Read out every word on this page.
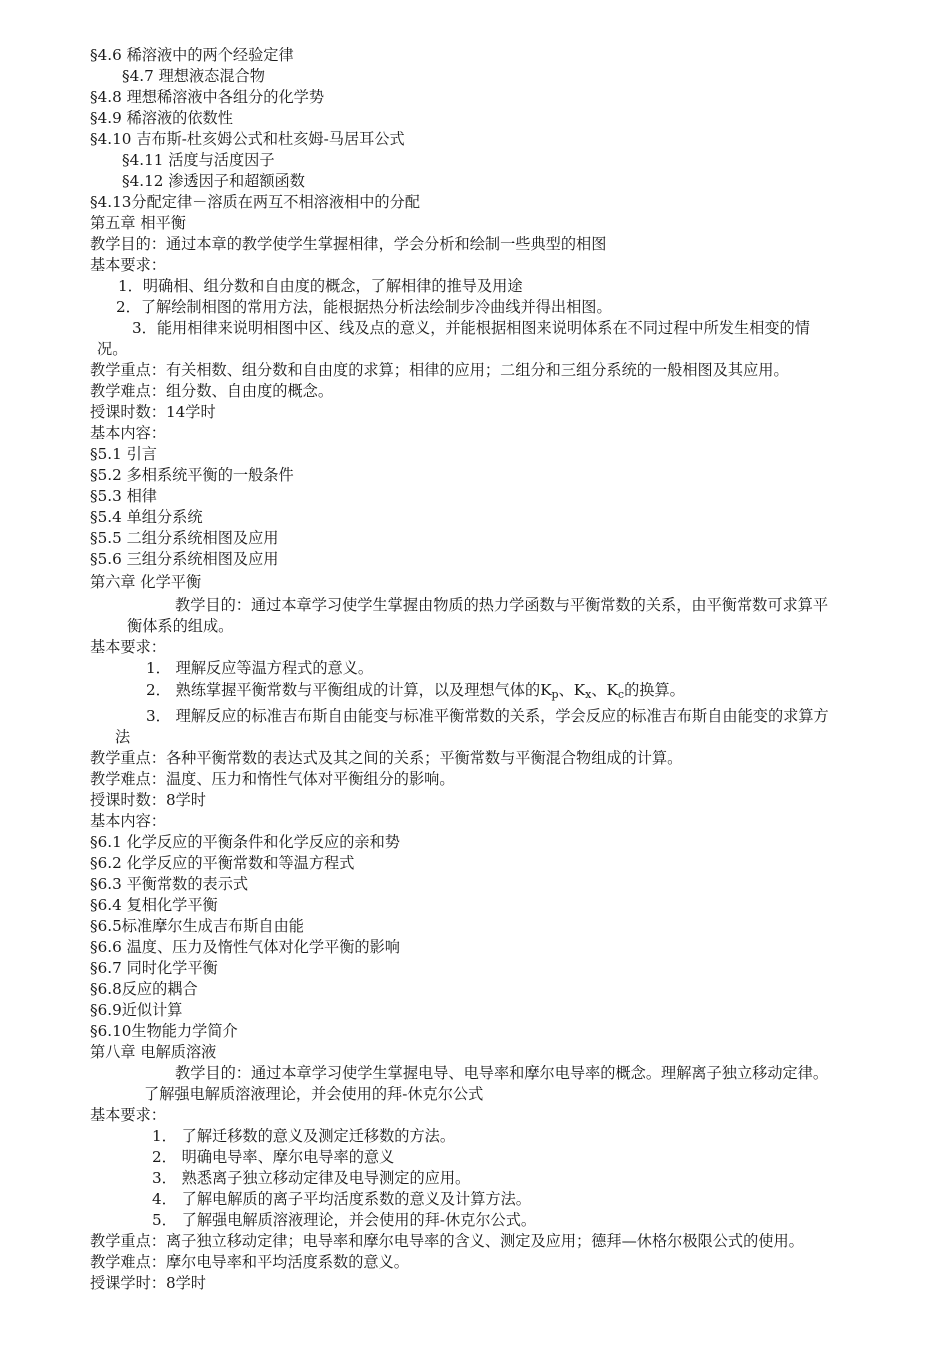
§4.6 稀溶液中的两个经验定律
§4.7 理想液态混合物
§4.8 理想稀溶液中各组分的化学势
§4.9 稀溶液的依数性
§4.10 吉布斯-杜亥姆公式和杜亥姆-马居耳公式
§4.11 活度与活度因子
§4.12 渗透因子和超额函数
§4.13分配定律－溶质在两互不相溶液相中的分配
第五章 相平衡
教学目的：通过本章的教学使学生掌握相律，学会分析和绘制一些典型的相图
基本要求：
1．明确相、组分数和自由度的概念，了解相律的推导及用途
2．了解绘制相图的常用方法，能根据热分析法绘制步冷曲线并得出相图。
3．能用相律来说明相图中区、线及点的意义，并能根据相图来说明体系在不同过程中所发生相变的情
况。
教学重点：有关相数、组分数和自由度的求算；相律的应用；二组分和三组分系统的一般相图及其应用。
教学难点：组分数、自由度的概念。
授课时数：14学时
基本内容：
§5.1 引言
§5.2 多相系统平衡的一般条件
§5.3 相律
§5.4 单组分系统
§5.5 二组分系统相图及应用
§5.6 三组分系统相图及应用
第六章 化学平衡
教学目的：通过本章学习使学生掌握由物质的热力学函数与平衡常数的关系，由平衡常数可求算平
衡体系的组成。
基本要求：
1． 理解反应等温方程式的意义。
2． 熟练掌握平衡常数与平衡组成的计算，以及理想气体的$K_p$、$K_x$、$K_c$的换算。
3． 理解反应的标准吉布斯自由能变与标准平衡常数的关系，学会反应的标准吉布斯自由能变的求算方
法
教学重点：各种平衡常数的表达式及其之间的关系；平衡常数与平衡混合物组成的计算。
教学难点：温度、压力和惰性气体对平衡组分的影响。
授课时数：8学时
基本内容：
§6.1 化学反应的平衡条件和化学反应的亲和势
§6.2 化学反应的平衡常数和等温方程式
§6.3 平衡常数的表示式
§6.4 复相化学平衡
§6.5标准摩尔生成吉布斯自由能
§6.6 温度、压力及惰性气体对化学平衡的影响
§6.7 同时化学平衡
§6.8反应的耦合
§6.9近似计算
§6.10生物能力学简介
第八章 电解质溶液
教学目的：通过本章学习使学生掌握电导、电导率和摩尔电导率的概念。理解离子独立移动定律。
了解强电解质溶液理论，并会使用的拜-休克尔公式
基本要求：
1． 了解迁移数的意义及测定迁移数的方法。
2． 明确电导率、摩尔电导率的意义
3． 熟悉离子独立移动定律及电导测定的应用。
4． 了解电解质的离子平均活度系数的意义及计算方法。
5． 了解强电解质溶液理论，并会使用的拜-休克尔公式。
教学重点：离子独立移动定律；电导率和摩尔电导率的含义、测定及应用；德拜—休格尔极限公式的使用。
教学难点：摩尔电导率和平均活度系数的意义。
授课学时：8学时
